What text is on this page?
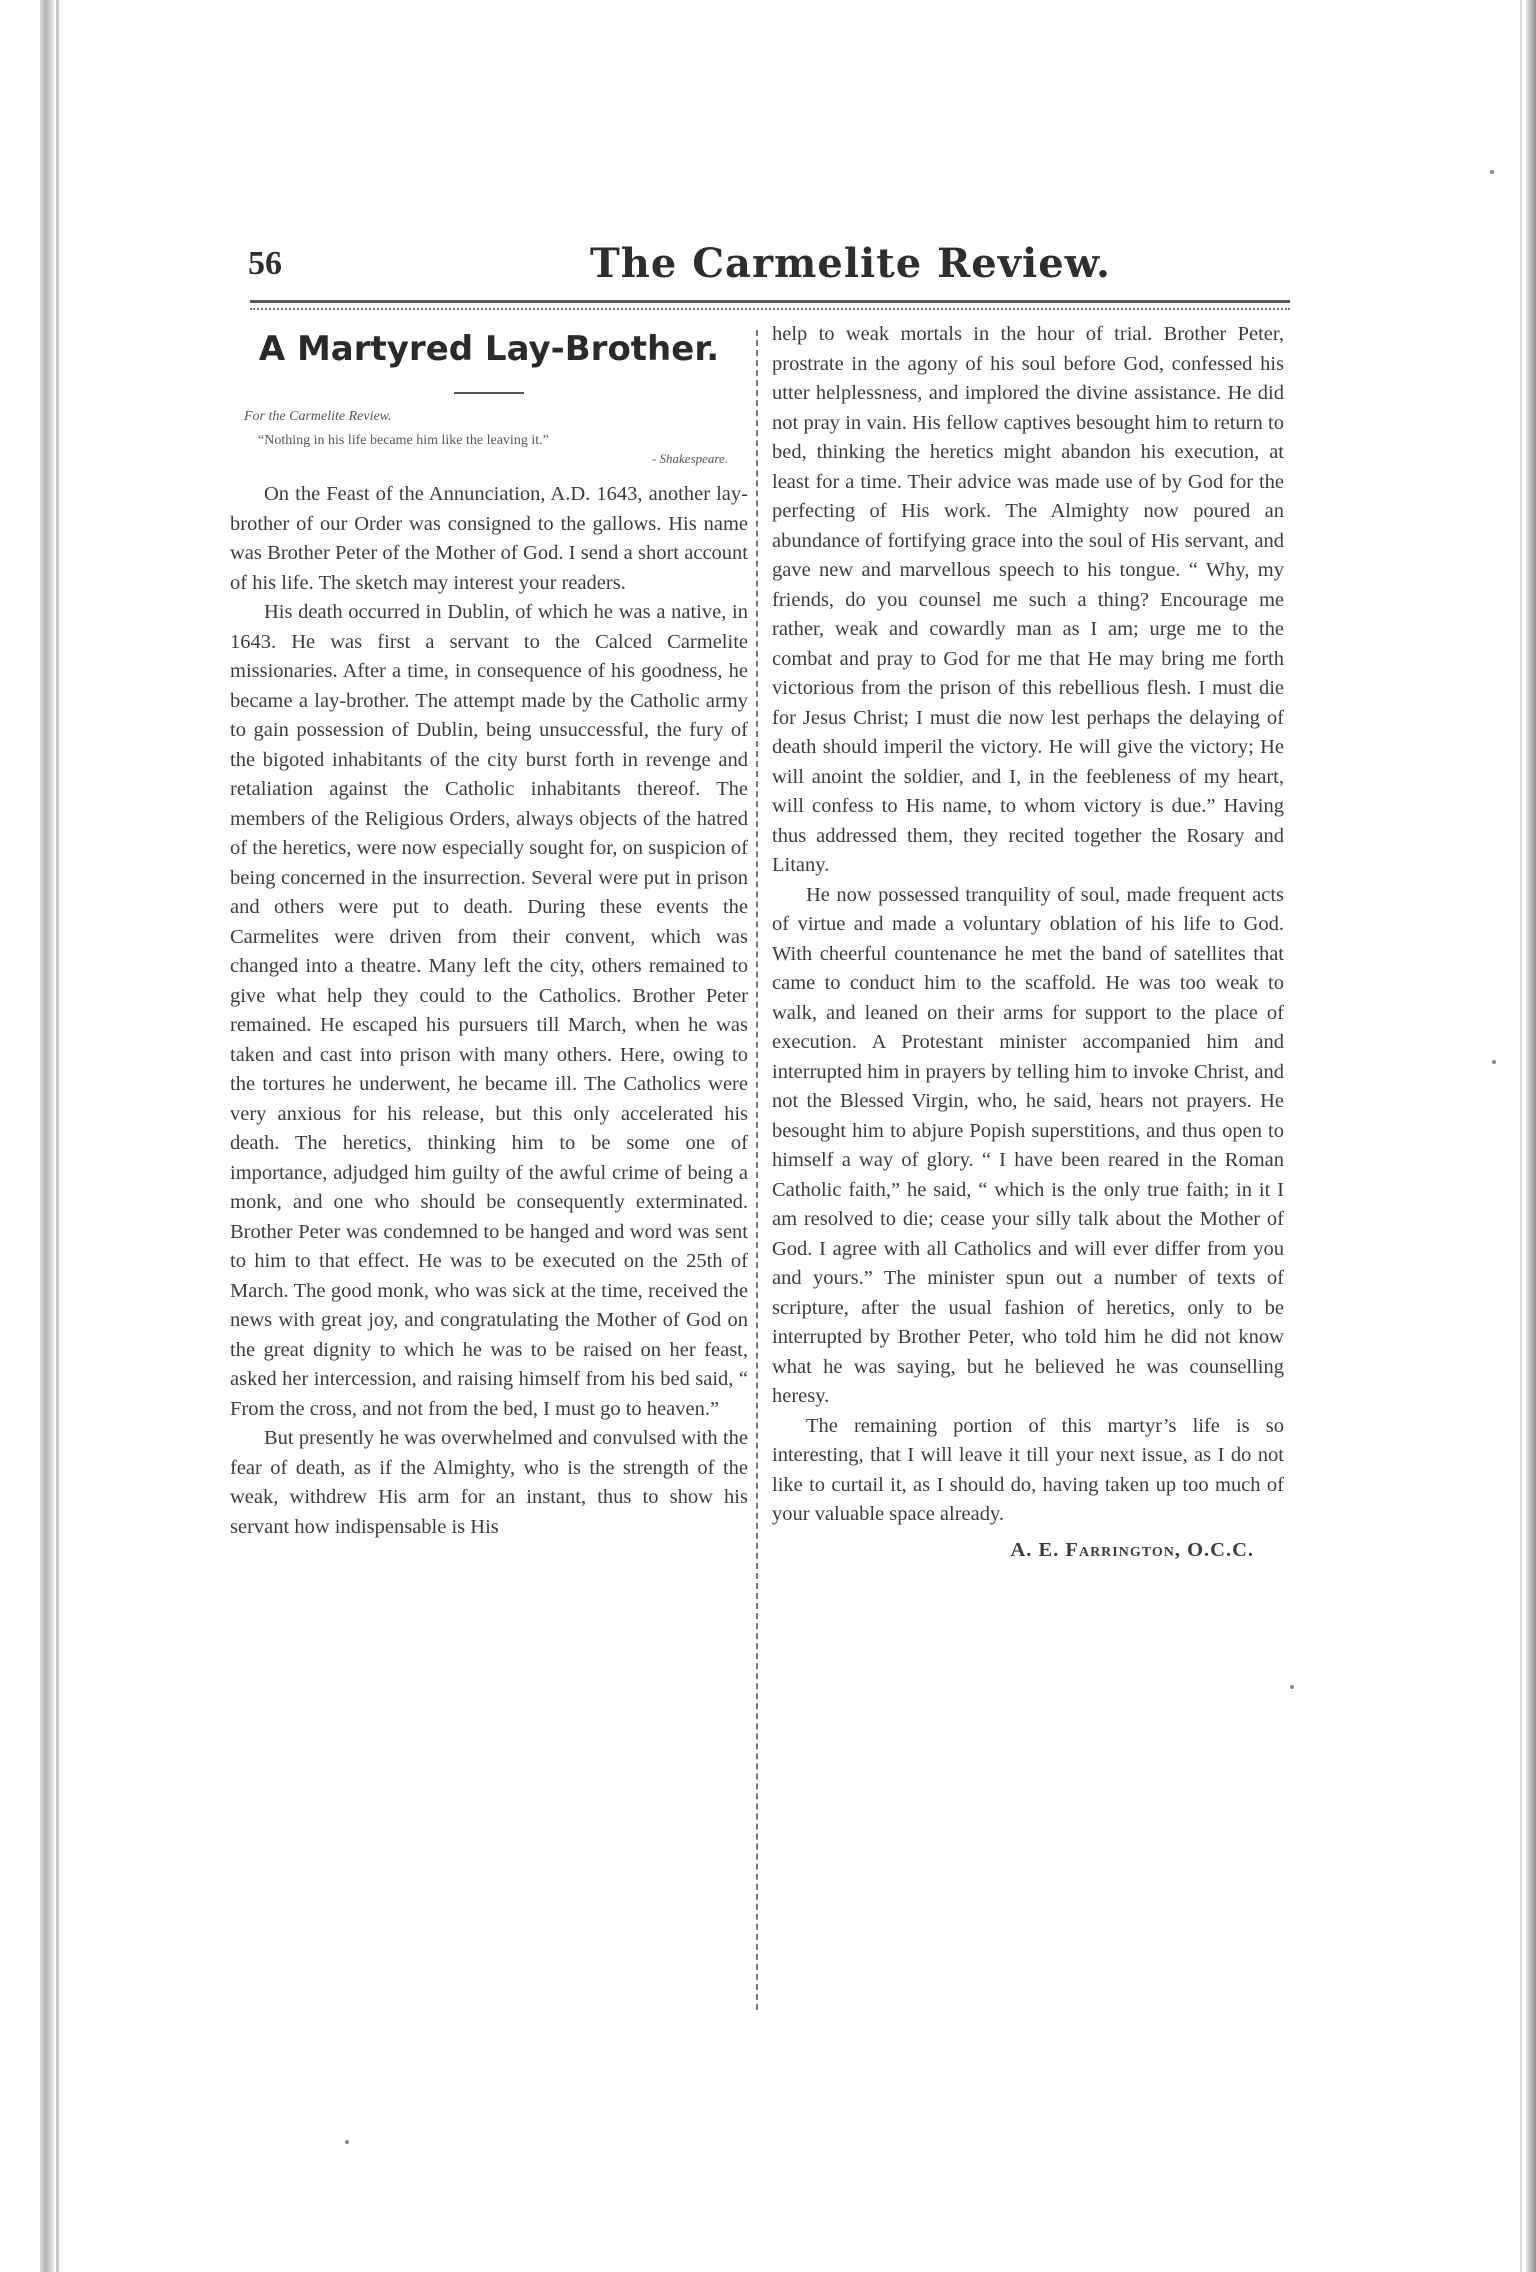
56	The Carmelite Review.
A Martyred Lay-Brother.
For the Carmelite Review.
“Nothing in his life became him like the leaving it.”
- Shakespeare.

On the Feast of the Annunciation, A.D. 1643, another lay-brother of our Order was consigned to the gallows. His name was Brother Peter of the Mother of God. I send a short account of his life. The sketch may interest your readers.

His death occurred in Dublin, of which he was a native, in 1643. He was first a servant to the Calced Carmelite missionaries. After a time, in consequence of his goodness, he became a lay-brother. The attempt made by the Catholic army to gain possession of Dublin, being unsuccessful, the fury of the bigoted inhabitants of the city burst forth in revenge and retaliation against the Catholic inhabitants thereof. The members of the Religious Orders, always objects of the hatred of the heretics, were now especially sought for, on suspicion of being concerned in the insurrection. Several were put in prison and others were put to death. During these events the Carmelites were driven from their convent, which was changed into a theatre. Many left the city, others remained to give what help they could to the Catholics. Brother Peter remained. He escaped his pursuers till March, when he was taken and cast into prison with many others. Here, owing to the tortures he underwent, he became ill. The Catholics were very anxious for his release, but this only accelerated his death. The heretics, thinking him to be some one of importance, adjudged him guilty of the awful crime of being a monk, and one who should be consequently exterminated. Brother Peter was condemned to be hanged and word was sent to him to that effect. He was to be executed on the 25th of March. The good monk, who was sick at the time, received the news with great joy, and congratulating the Mother of God on the great dignity to which he was to be raised on her feast, asked her intercession, and raising himself from his bed said, “ From the cross, and not from the bed, I must go to heaven.”

But presently he was overwhelmed and convulsed with the fear of death, as if the Almighty, who is the strength of the weak, withdrew His arm for an instant, thus to show his servant how indispensable is His

help to weak mortals in the hour of trial. Brother Peter, prostrate in the agony of his soul before God, confessed his utter helplessness, and implored the divine assistance. He did not pray in vain. His fellow captives besought him to return to bed, thinking the heretics might abandon his execution, at least for a time. Their advice was made use of by God for the perfecting of His work. The Almighty now poured an abundance of fortifying grace into the soul of His servant, and gave new and marvellous speech to his tongue. “ Why, my friends, do you counsel me such a thing? Encourage me rather, weak and cowardly man as I am; urge me to the combat and pray to God for me that He may bring me forth victorious from the prison of this rebellious flesh. I must die for Jesus Christ; I must die now lest perhaps the delaying of death should imperil the victory. He will give the victory; He will anoint the soldier, and I, in the feebleness of my heart, will confess to His name, to whom victory is due.” Having thus addressed them, they recited together the Rosary and Litany.

He now possessed tranquility of soul, made frequent acts of virtue and made a voluntary oblation of his life to God. With cheerful countenance he met the band of satellites that came to conduct him to the scaffold. He was too weak to walk, and leaned on their arms for support to the place of execution. A Protestant minister accompanied him and interrupted him in prayers by telling him to invoke Christ, and not the Blessed Virgin, who, he said, hears not prayers. He besought him to abjure Popish superstitions, and thus open to himself a way of glory. “ I have been reared in the Roman Catholic faith,” he said, “ which is the only true faith; in it I am resolved to die; cease your silly talk about the Mother of God. I agree with all Catholics and will ever differ from you and yours.” The minister spun out a number of texts of scripture, after the usual fashion of heretics, only to be interrupted by Brother Peter, who told him he did not know what he was saying, but he believed he was counselling heresy.

The remaining portion of this martyr’s life is so interesting, that I will leave it till your next issue, as I do not like to curtail it, as I should do, having taken up too much of your valuable space already.

A. E. Farrington, O.C.C.
